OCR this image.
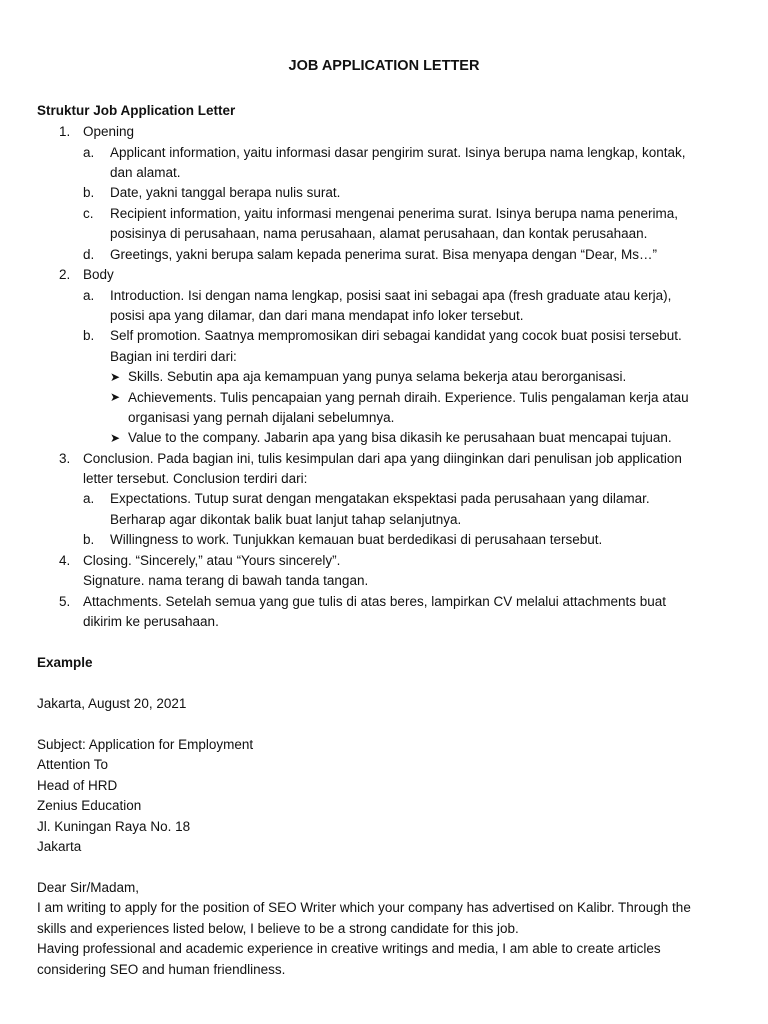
JOB APPLICATION LETTER
Struktur Job Application Letter
1. Opening
a. Applicant information, yaitu informasi dasar pengirim surat. Isinya berupa nama lengkap, kontak,
dan alamat.
b. Date, yakni tanggal berapa nulis surat.
c. Recipient information, yaitu informasi mengenai penerima surat. Isinya berupa nama penerima,
posisinya di perusahaan, nama perusahaan, alamat perusahaan, dan kontak perusahaan.
d. Greetings, yakni berupa salam kepada penerima surat. Bisa menyapa dengan “Dear, Ms…”
2. Body
a. Introduction. Isi dengan nama lengkap, posisi saat ini sebagai apa (fresh graduate atau kerja),
posisi apa yang dilamar, dan dari mana mendapat info loker tersebut.
b. Self promotion. Saatnya mempromosikan diri sebagai kandidat yang cocok buat posisi tersebut.
Bagian ini terdiri dari:
➤ Skills. Sebutin apa aja kemampuan yang punya selama bekerja atau berorganisasi.
➤ Achievements. Tulis pencapaian yang pernah diraih. Experience. Tulis pengalaman kerja atau
organisasi yang pernah dijalani sebelumnya.
➤ Value to the company. Jabarin apa yang bisa dikasih ke perusahaan buat mencapai tujuan.
3. Conclusion. Pada bagian ini, tulis kesimpulan dari apa yang diinginkan dari penulisan job application
letter tersebut. Conclusion terdiri dari:
a. Expectations. Tutup surat dengan mengatakan ekspektasi pada perusahaan yang dilamar.
Berharap agar dikontak balik buat lanjut tahap selanjutnya.
b. Willingness to work. Tunjukkan kemauan buat berdedikasi di perusahaan tersebut.
4. Closing. “Sincerely,” atau “Yours sincerely”.
Signature. nama terang di bawah tanda tangan.
5. Attachments. Setelah semua yang gue tulis di atas beres, lampirkan CV melalui attachments buat
dikirim ke perusahaan.
Example
Jakarta, August 20, 2021
Subject: Application for Employment
Attention To
Head of HRD
Zenius Education
Jl. Kuningan Raya No. 18
Jakarta
Dear Sir/Madam,
I am writing to apply for the position of SEO Writer which your company has advertised on Kalibr. Through the
skills and experiences listed below, I believe to be a strong candidate for this job.
Having professional and academic experience in creative writings and media, I am able to create articles
considering SEO and human friendliness.
